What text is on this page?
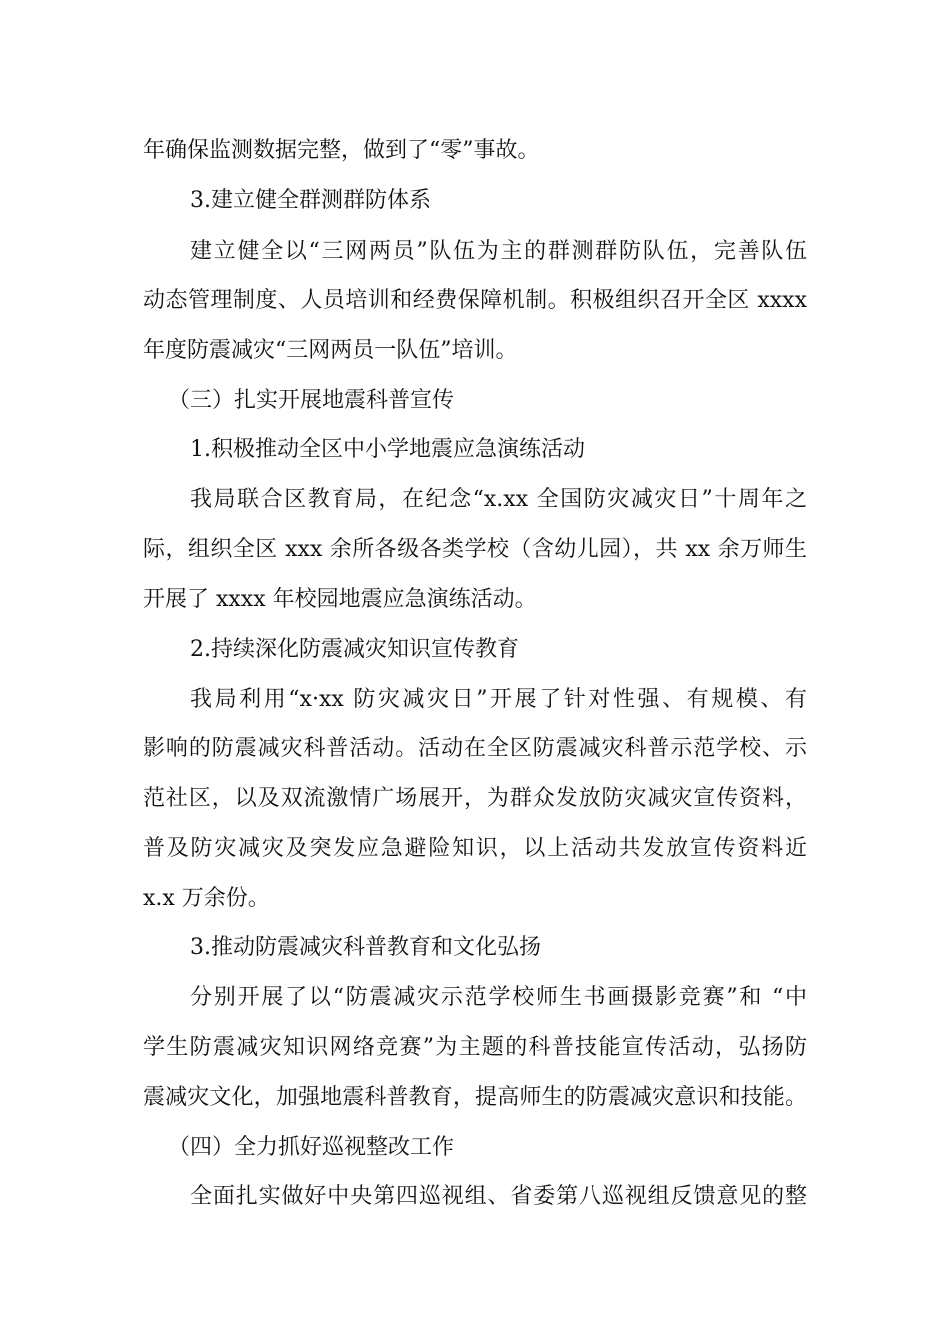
年确保监测数据完整，做到了“零”事故。
3.建立健全群测群防体系
建立健全以“三网两员”队伍为主的群测群防队伍，完善队伍
动态管理制度、人员培训和经费保障机制。积极组织召开全区 xxxx
年度防震减灾“三网两员一队伍”培训。
（三）扎实开展地震科普宣传
1.积极推动全区中小学地震应急演练活动
我局联合区教育局，在纪念“x.xx 全国防灾减灾日”十周年之
际，组织全区 xxx 余所各级各类学校（含幼儿园），共 xx 余万师生
开展了 xxxx 年校园地震应急演练活动。
2.持续深化防震减灾知识宣传教育
我局利用“x·xx 防灾减灾日”开展了针对性强、有规模、有
影响的防震减灾科普活动。活动在全区防震减灾科普示范学校、示
范社区，以及双流激情广场展开，为群众发放防灾减灾宣传资料，
普及防灾减灾及突发应急避险知识，以上活动共发放宣传资料近
x.x 万余份。
3.推动防震减灾科普教育和文化弘扬
分别开展了以“防震减灾示范学校师生书画摄影竞赛”和 “中
学生防震减灾知识网络竞赛”为主题的科普技能宣传活动，弘扬防
震减灾文化，加强地震科普教育，提高师生的防震减灾意识和技能。
（四）全力抓好巡视整改工作
全面扎实做好中央第四巡视组、省委第八巡视组反馈意见的整
